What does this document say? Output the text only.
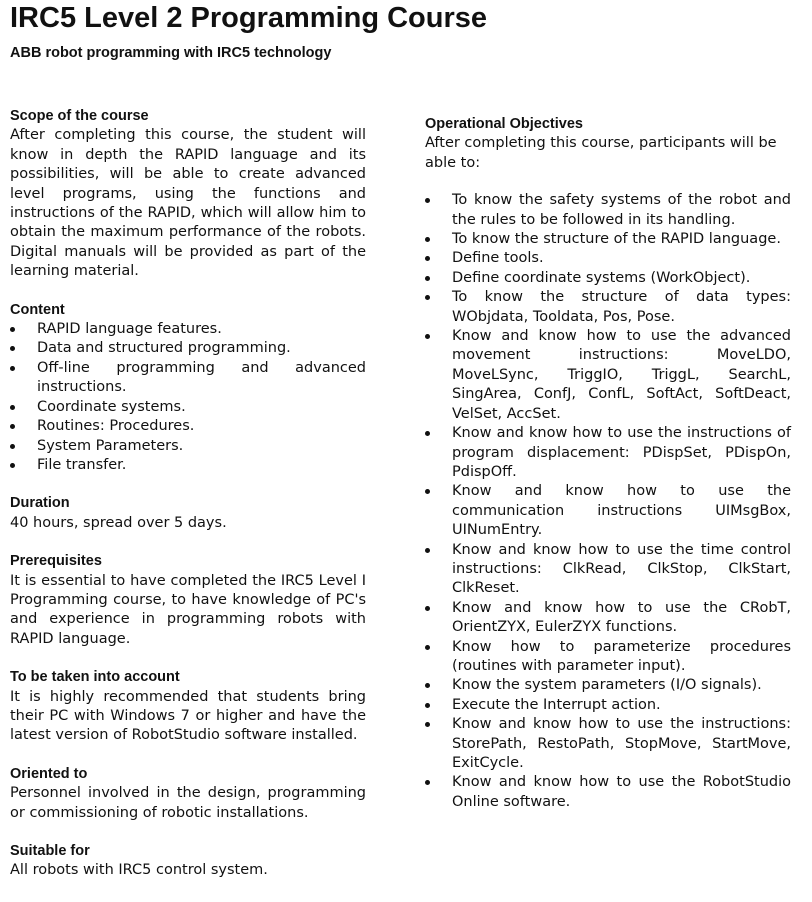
IRC5 Level 2 Programming Course
ABB robot programming with IRC5 technology

Scope of the course

After completing this course, the student will know in depth the RAPID language and its possibilities, will be able to create advanced level programs, using the functions and instructions of the RAPID, which will allow him to obtain the maximum performance of the robots. Digital manuals will be provided as part of the learning material.

Content

RAPID language features.
Data and structured programming.
Off-line programming and advanced instructions.
Coordinate systems.
Routines: Procedures.
System Parameters.
File transfer.

Duration

40 hours, spread over 5 days.

Prerequisites

It is essential to have completed the IRC5 Level I Programming course, to have knowledge of PC's and experience in programming robots with RAPID language.

To be taken into account

It is highly recommended that students bring their PC with Windows 7 or higher and have the latest version of RobotStudio software installed.

Oriented to

Personnel involved in the design, programming or commissioning of robotic installations.

Suitable for

All robots with IRC5 control system.

Operational Objectives

After completing this course, participants will be able to:

To know the safety systems of the robot and the rules to be followed in its handling.
To know the structure of the RAPID language.
Define tools.
Define coordinate systems (WorkObject).
To know the structure of data types: WObjdata, Tooldata, Pos, Pose.
Know and know how to use the advanced movement instructions: MoveLDO, MoveLSync, TriggIO, TriggL, SearchL, SingArea, ConfJ, ConfL, SoftAct, SoftDeact, VelSet, AccSet.
Know and know how to use the instructions of program displacement: PDispSet, PDispOn, PdispOff.
Know and know how to use the communication instructions UIMsgBox, UINumEntry.
Know and know how to use the time control instructions: ClkRead, ClkStop, ClkStart, ClkReset.
Know and know how to use the CRobT, OrientZYX, EulerZYX functions.
Know how to parameterize procedures (routines with parameter input).
Know the system parameters (I/O signals).
Execute the Interrupt action.
Know and know how to use the instructions: StorePath, RestoPath, StopMove, StartMove, ExitCycle.
Know and know how to use the RobotStudio Online software.
